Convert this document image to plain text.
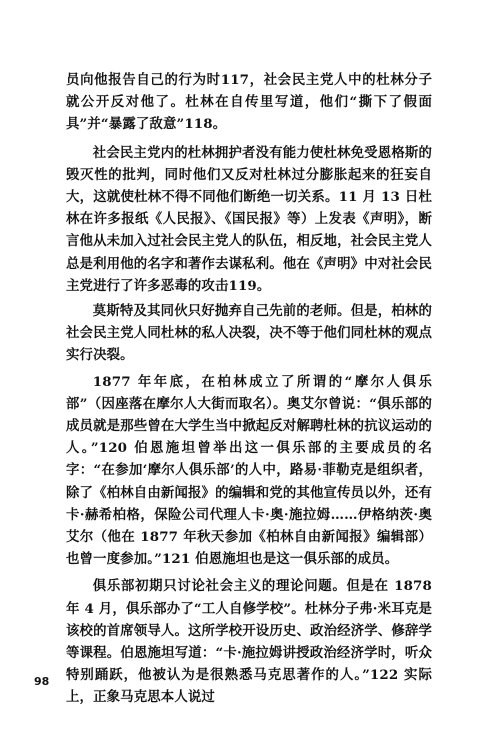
员向他报告自己的行为时117，社会民主党人中的杜林分子就公开反对他了。杜林在自传里写道，他们“撕下了假面具”并“暴露了敌意”118。

社会民主党内的杜林拥护者没有能力使杜林免受恩格斯的毁灭性的批判，同时他们又反对杜林过分膨胀起来的狂妄自大，这就使杜林不得不同他们断绝一切关系。11 月 13 日杜林在许多报纸《人民报》、《国民报》等）上发表《声明》，断言他从未加入过社会民主党人的队伍，相反地，社会民主党人总是利用他的名字和著作去谋私利。他在《声明》中对社会民主党进行了许多恶毒的攻击119。

莫斯特及其同伙只好抛弃自己先前的老师。但是，柏林的社会民主党人同杜林的私人决裂，决不等于他们同杜林的观点实行决裂。

1877 年年底，在柏林成立了所谓的“摩尔人俱乐部”（因座落在摩尔人大街而取名）。奥艾尔曾说：“俱乐部的成员就是那些曾在大学生当中掀起反对解聘杜林的抗议运动的人。”120 伯恩施坦曾举出这一俱乐部的主要成员的名字：“在参加‘摩尔人俱乐部’的人中，路易·菲勒克是组织者，除了《柏林自由新闻报》的编辑和党的其他宣传员以外，还有卡·赫希柏格，保险公司代理人卡·奥·施拉姆……伊格纳茨·奥艾尔（他在 1877 年秋天参加《柏林自由新闻报》编辑部）也曾一度参加。”121 伯恩施坦也是这一俱乐部的成员。

俱乐部初期只讨论社会主义的理论问题。但是在 1878 年 4 月，俱乐部办了“工人自修学校”。杜林分子弗·米耳克是该校的首席领导人。这所学校开设历史、政治经济学、修辞学等课程。伯恩施坦写道：“卡·施拉姆讲授政治经济学时，听众特别踊跃，他被认为是很熟悉马克思著作的人。”122 实际上，正象马克思本人说过

98
